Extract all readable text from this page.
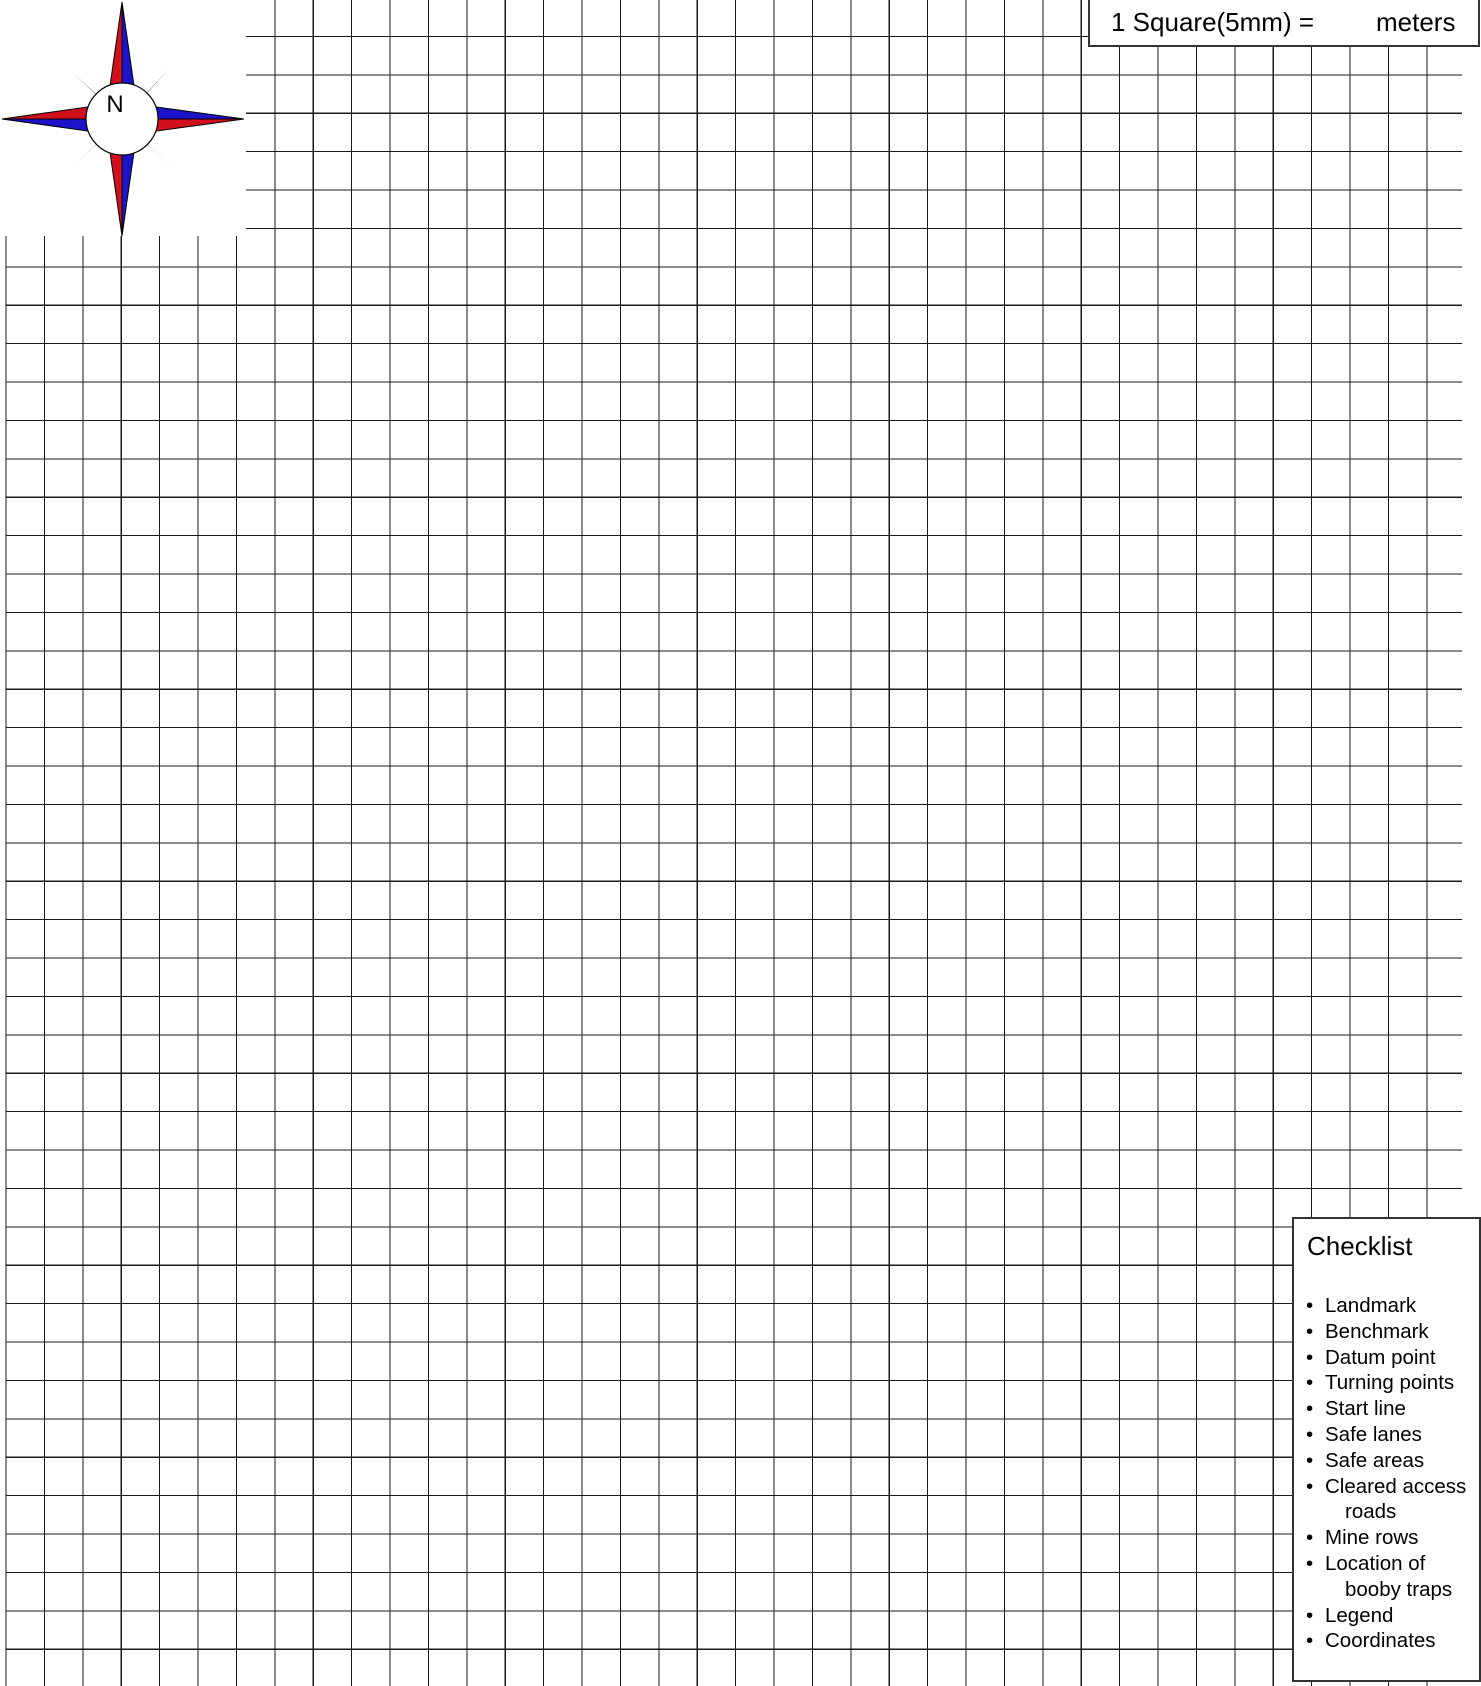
N
1 Square(5mm) = meters
Checklist
• Landmark
• Benchmark
• Datum point
• Turning points
• Start line
• Safe lanes
• Safe areas
• Cleared access
roads
• Mine rows
• Location of
booby traps
• Legend
• Coordinates
